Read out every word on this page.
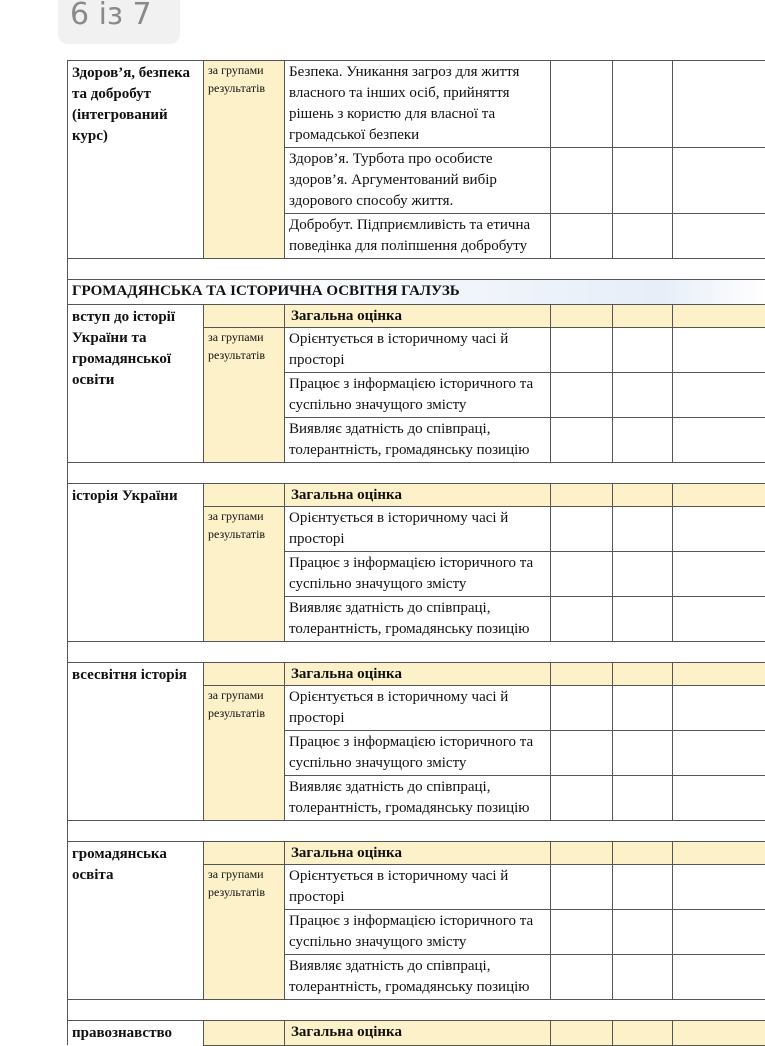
6 із 7
Здоров’я, безпека та добробут (інтегрований курс)	за групами результатів	Безпека. Уникання загроз для життя власного та інших осіб, прийняття рішень з користю для власної та громадської безпеки			
		Здоров’я. Турбота про особисте здоров’я. Аргументований вибір здорового способу життя.			
		Добробут. Підприємливість та етична поведінка для поліпшення добробуту			

ГРОМАДЯНСЬКА ТА ІСТОРИЧНА ОСВІТНЯ ГАЛУЗЬ					
вступ до історії України та громадянської освіти		Загальна оцінка			
	за групами результатів	Орієнтується в історичному часі й просторі			
		Працює з інформацією історичного та суспільно значущого змісту			
		Виявляє здатність до співпраці, толерантність, громадянську позицію			

історія України		Загальна оцінка			
	за групами результатів	Орієнтується в історичному часі й просторі			
		Працює з інформацією історичного та суспільно значущого змісту			
		Виявляє здатність до співпраці, толерантність, громадянську позицію			

всесвітня історія		Загальна оцінка			
	за групами результатів	Орієнтується в історичному часі й просторі			
		Працює з інформацією історичного та суспільно значущого змісту			
		Виявляє здатність до співпраці, толерантність, громадянську позицію			

громадянська освіта		Загальна оцінка			
	за групами результатів	Орієнтується в історичному часі й просторі			
		Працює з інформацією історичного та суспільно значущого змісту			
		Виявляє здатність до співпраці, толерантність, громадянську позицію			

правознавство		Загальна оцінка			
